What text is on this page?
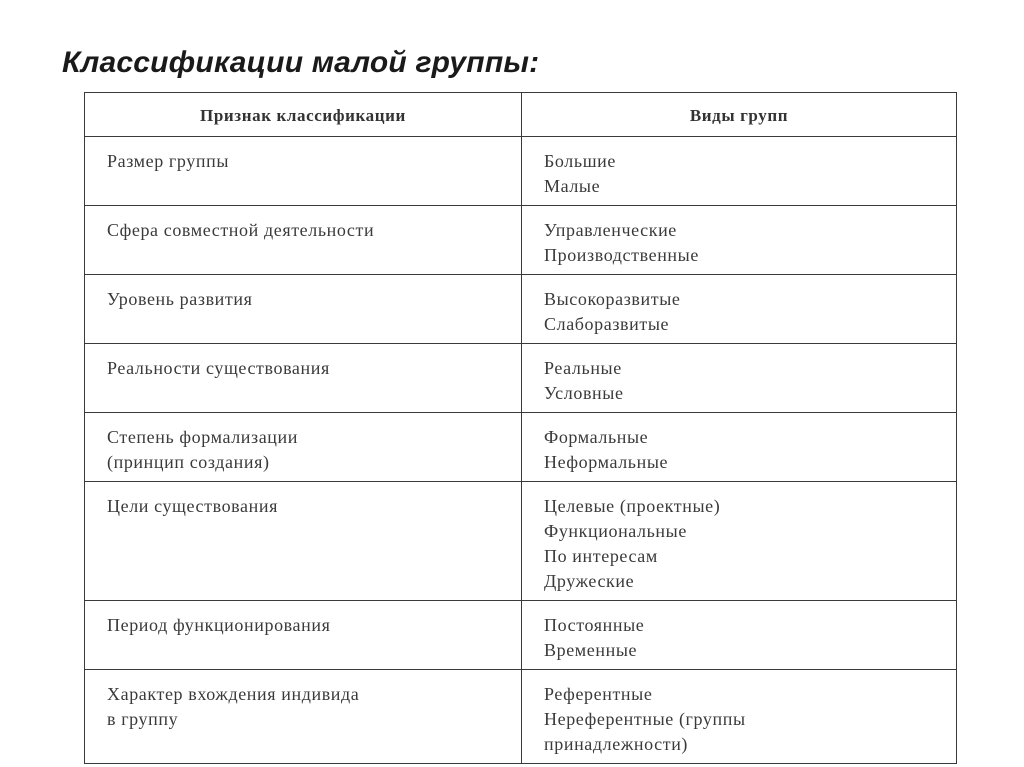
Классификации малой группы:
Признак классификации	Виды групп

Размер группы	Большие
Малые

Сфера совместной деятельности	Управленческие
Производственные

Уровень развития	Высокоразвитые
Слаборазвитые

Реальности существования	Реальные
Условные

Степень формализации
(принцип создания)	Формальные
Неформальные

Цели существования	Целевые (проектные)
Функциональные
По интересам
Дружеские

Период функционирования	Постоянные
Временные

Характер вхождения индивида
в группу	Референтные
Нереферентные (группы
принадлежности)
